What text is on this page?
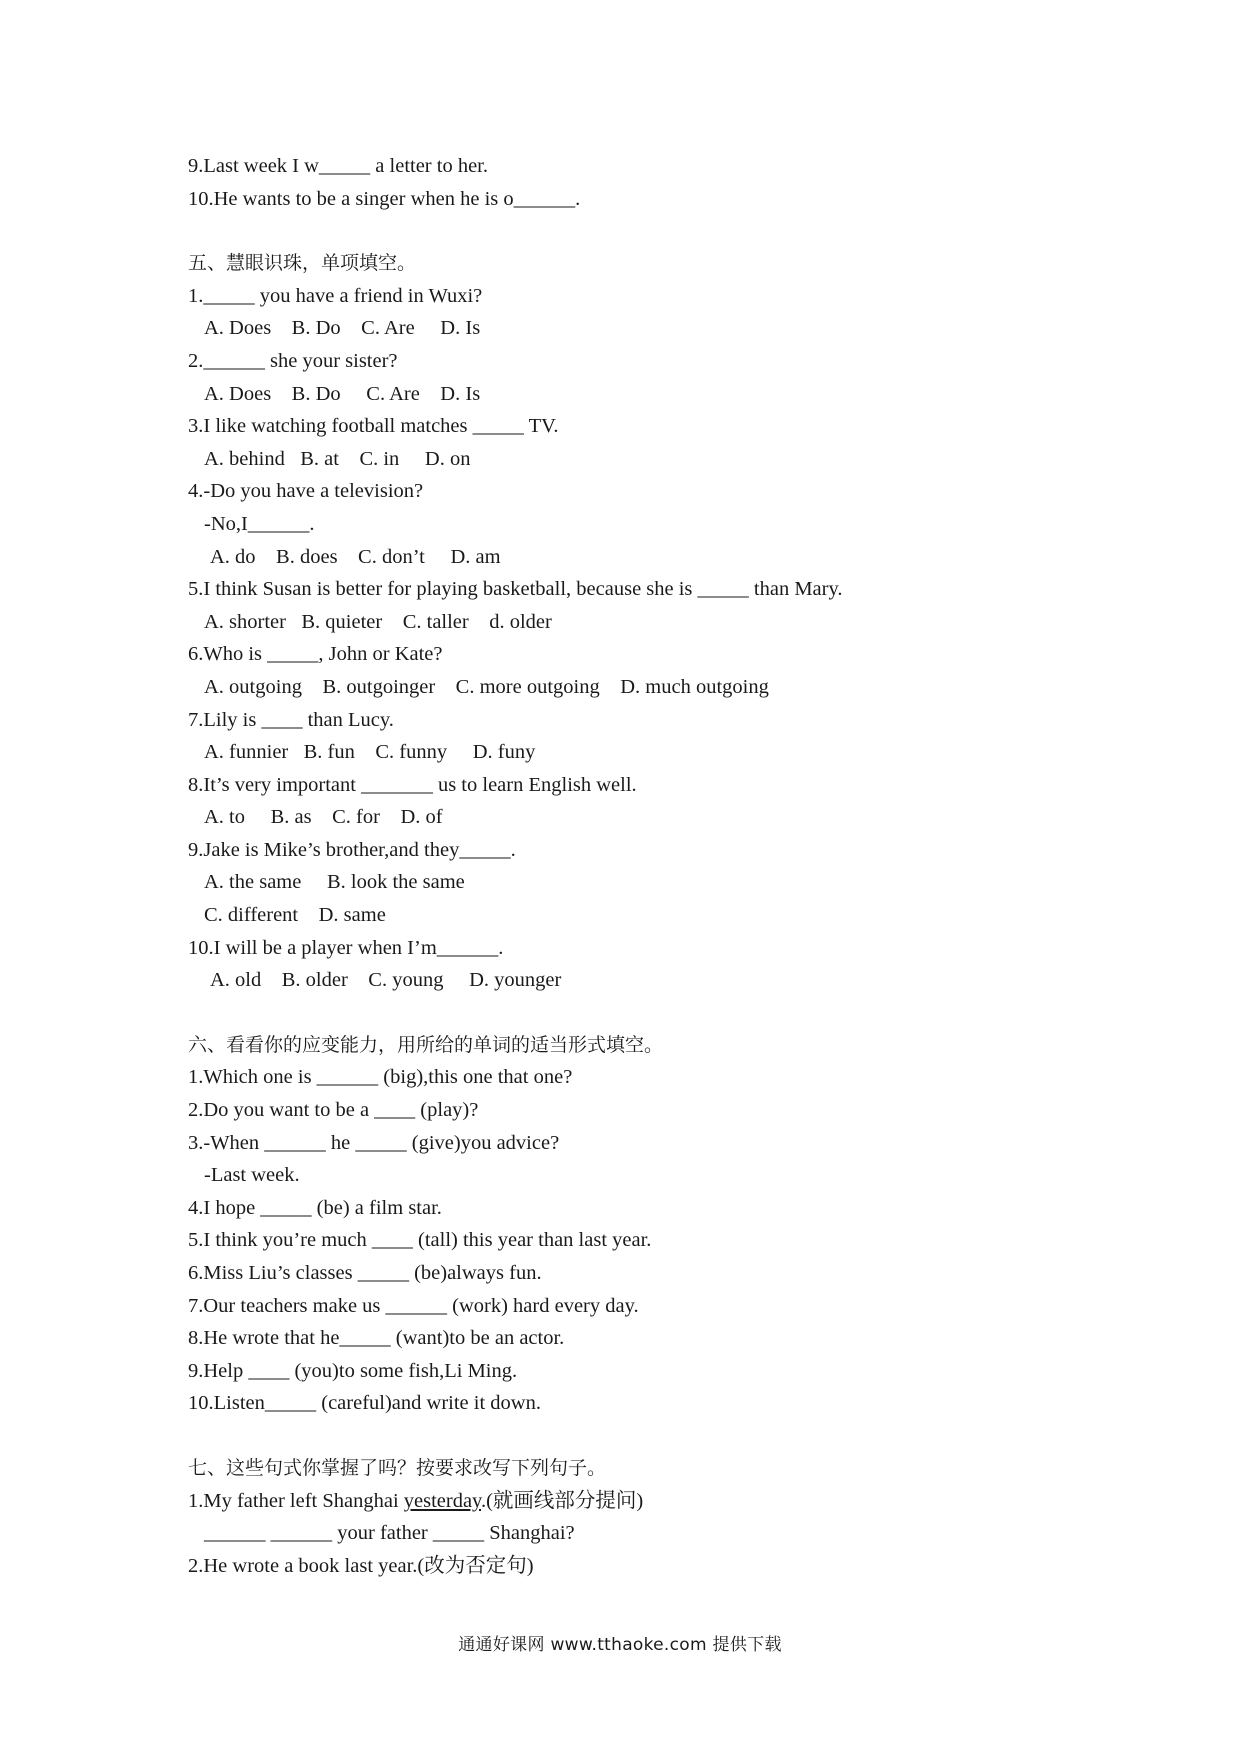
9.Last week I w_____ a letter to her.
10.He wants to be a singer when he is o______.
五、慧眼识珠，单项填空。
1._____ you have a friend in Wuxi?
A. Does    B. Do    C. Are     D. Is
2.______ she your sister?
A. Does    B. Do     C. Are    D. Is
3.I like watching football matches _____ TV.
A. behind   B. at    C. in     D. on
4.-Do you have a television?
-No,I______.
A. do    B. does    C. don’t     D. am
5.I think Susan is better for playing basketball, because she is _____ than Mary.
A. shorter   B. quieter    C. taller    d. older
6.Who is _____, John or Kate?
A. outgoing    B. outgoinger    C. more outgoing    D. much outgoing
7.Lily is ____ than Lucy.
A. funnier   B. fun    C. funny     D. funy
8.It’s very important _______ us to learn English well.
A. to     B. as    C. for    D. of
9.Jake is Mike’s brother,and they_____.
A. the same     B. look the same
C. different    D. same
10.I will be a player when I’m______.
A. old    B. older    C. young     D. younger
六、看看你的应变能力，用所给的单词的适当形式填空。
1.Which one is ______ (big),this one that one?
2.Do you want to be a ____ (play)?
3.-When ______ he _____ (give)you advice?
-Last week.
4.I hope _____ (be) a film star.
5.I think you’re much ____ (tall) this year than last year.
6.Miss Liu’s classes _____ (be)always fun.
7.Our teachers make us ______ (work) hard every day.
8.He wrote that he_____ (want)to be an actor.
9.Help ____ (you)to some fish,Li Ming.
10.Listen_____ (careful)and write it down.
七、这些句式你掌握了吗？按要求改写下列句子。
1.My father left Shanghai yesterday.(就画线部分提问)
______ ______ your father _____ Shanghai?
2.He wrote a book last year.(改为否定句)
通通好课网 www.tthaoke.com 提供下载
